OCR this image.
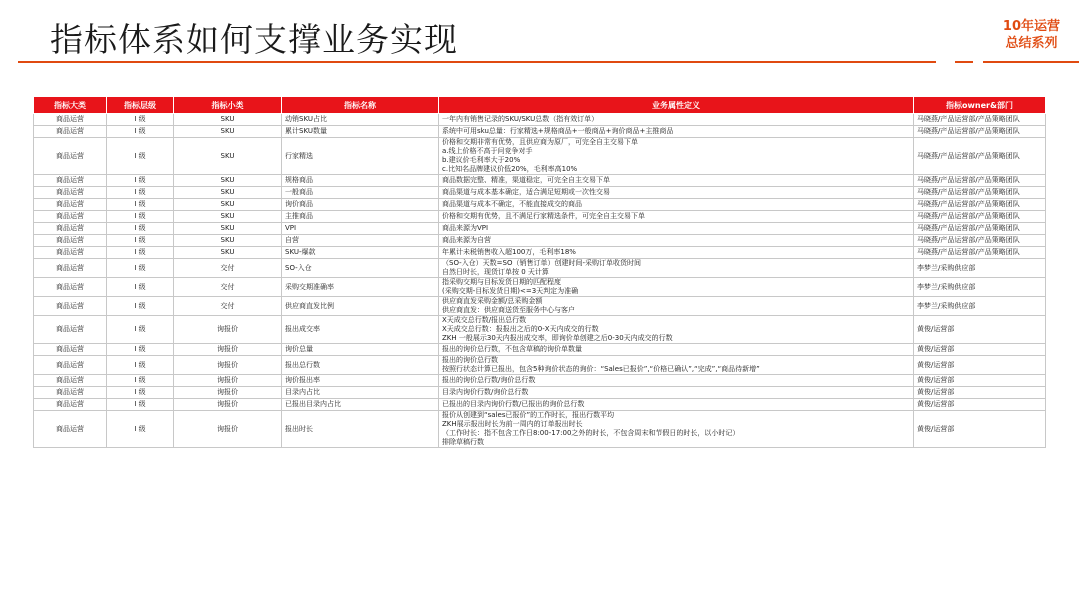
指标体系如何支撑业务实现	10年运营
总结系列
指标大类	指标层级	指标小类	指标名称	业务属性定义	指标owner&部门
商品运营	I 级	SKU	动销SKU占比	一年内有销售记录的SKU/SKU总数（指有效订单）	马晓燕/产品运营部/产品策略团队
商品运营	I 级	SKU	累计SKU数量	系统中可用sku总量：行家精选+规格商品+一般商品+询价商品+主推商品	马晓燕/产品运营部/产品策略团队
商品运营	I 级	SKU	行家精选	价格和交期非常有优势，且供应商为原厂，可完全自主交易下单
a.线上价格不高于问竞争对手
b.建议价毛利率大于20%
c.比知名品牌建议价低20%，毛利率高10%	马晓燕/产品运营部/产品策略团队
商品运营	I 级	SKU	规格商品	商品数据完整、精准，渠道稳定，可完全自主交易下单	马晓燕/产品运营部/产品策略团队
商品运营	I 级	SKU	一般商品	商品渠道与成本基本确定，适合满足短期或一次性交易	马晓燕/产品运营部/产品策略团队
商品运营	I 级	SKU	询价商品	商品渠道与成本不确定，不能直接成交的商品	马晓燕/产品运营部/产品策略团队
商品运营	I 级	SKU	主推商品	价格和交期有优势，且不满足行家精选条件，可完全自主交易下单	马晓燕/产品运营部/产品策略团队
商品运营	I 级	SKU	VPI	商品来源为VPI	马晓燕/产品运营部/产品策略团队
商品运营	I 级	SKU	自营	商品来源为自营	马晓燕/产品运营部/产品策略团队
商品运营	I 级	SKU	SKU-爆款	年累计未税销售收入超100万，毛利率18%	马晓燕/产品运营部/产品策略团队
商品运营	I 级	交付	SO-入仓	（SO-入仓）天数=SO（销售订单）创建时间-采购订单收货时间
自然日时长，现货订单按 0 天计算	李梦兰/采购供应部
商品运营	I 级	交付	采购交期准确率	指采购交期与目标发货日期的匹配程度
(采购交期-目标发货日期)<=3天判定为准确	李梦兰/采购供应部
商品运营	I 级	交付	供应商直发比例	供应商直发采购金额/总采购金额
供应商直发：供应商送货至服务中心与客户	李梦兰/采购供应部
商品运营	I 级	询报价	报出成交率	X天成交总行数/报出总行数
X天成交总行数：报报出之后的0-X天内成交的行数
ZKH 一般展示30天内报出成交率，即询价单创建之后0-30天内成交的行数	黄俊/运营部
商品运营	I 级	询报价	询价总量	报出的询价总行数，不包含草稿的询价单数量	黄俊/运营部
商品运营	I 级	询报价	报出总行数	报出的询价总行数
按照行状态计算已报出，包含5种询价状态的询价：“Sales已报价”,“价格已确认”,“完成”,“商品待新增”	黄俊/运营部
商品运营	I 级	询报价	询价报出率	报出的询价总行数/询价总行数	黄俊/运营部
商品运营	I 级	询报价	目录内占比	目录内询价行数/询价总行数	黄俊/运营部
商品运营	I 级	询报价	已报出目录内占比	已报出的目录内询价行数/已报出的询价总行数	黄俊/运营部
商品运营	I 级	询报价	报出时长	报价从创建到“sales已报价”的工作时长，报出行数平均
ZKH展示报出时长为前一周内的订单报出时长
（工作时长：指不包含工作日8:00-17:00之外的时长，不包含周末和节假日的时长，以小时记）
排除草稿行数	黄俊/运营部
